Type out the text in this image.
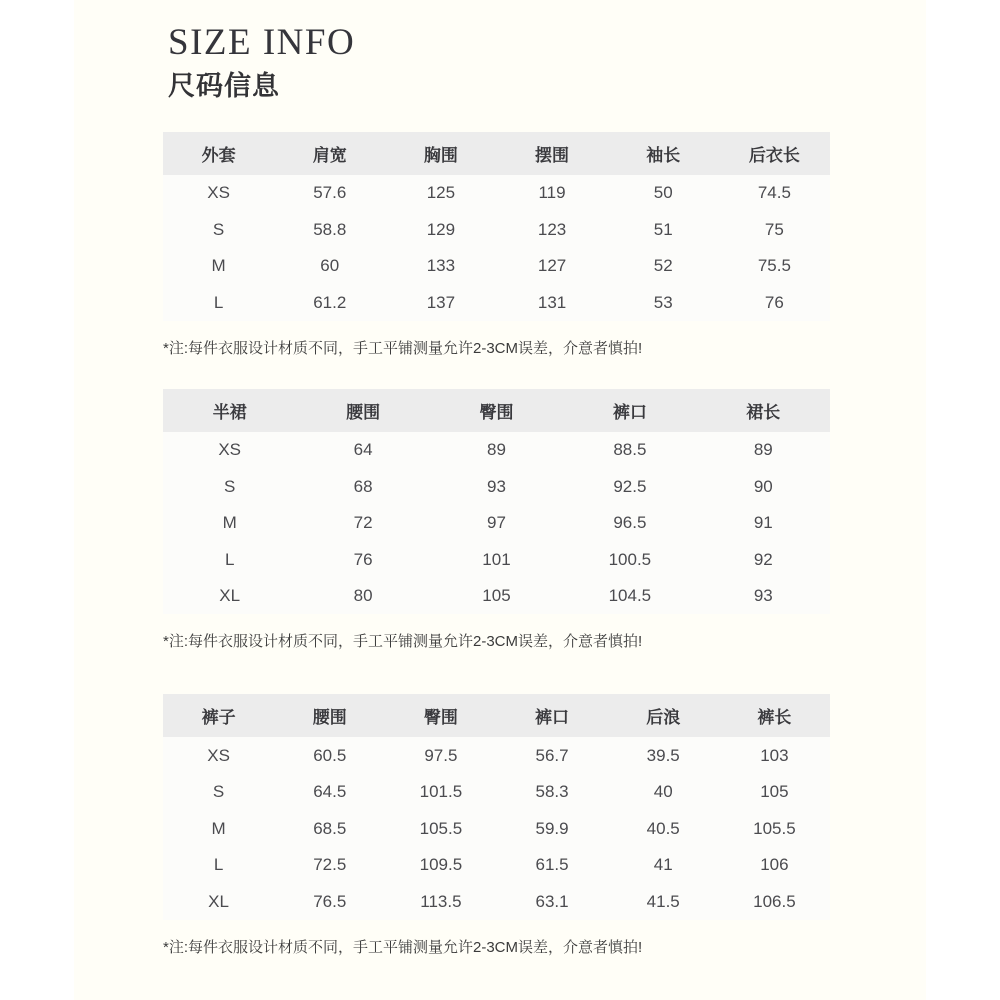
SIZE INFO
尺码信息
外套	肩宽	胸围	摆围	袖长	后衣长
XS	57.6	125	119	50	74.5
S	58.8	129	123	51	75
M	60	133	127	52	75.5
L	61.2	137	131	53	76

*注:每件衣服设计材质不同，手工平铺测量允许2-3CM误差，介意者慎拍!

半裙	腰围	臀围	裤口	裙长
XS	64	89	88.5	89
S	68	93	92.5	90
M	72	97	96.5	91
L	76	101	100.5	92
XL	80	105	104.5	93

*注:每件衣服设计材质不同，手工平铺测量允许2-3CM误差，介意者慎拍!

裤子	腰围	臀围	裤口	后浪	裤长
XS	60.5	97.5	56.7	39.5	103
S	64.5	101.5	58.3	40	105
M	68.5	105.5	59.9	40.5	105.5
L	72.5	109.5	61.5	41	106
XL	76.5	113.5	63.1	41.5	106.5

*注:每件衣服设计材质不同，手工平铺测量允许2-3CM误差，介意者慎拍!
